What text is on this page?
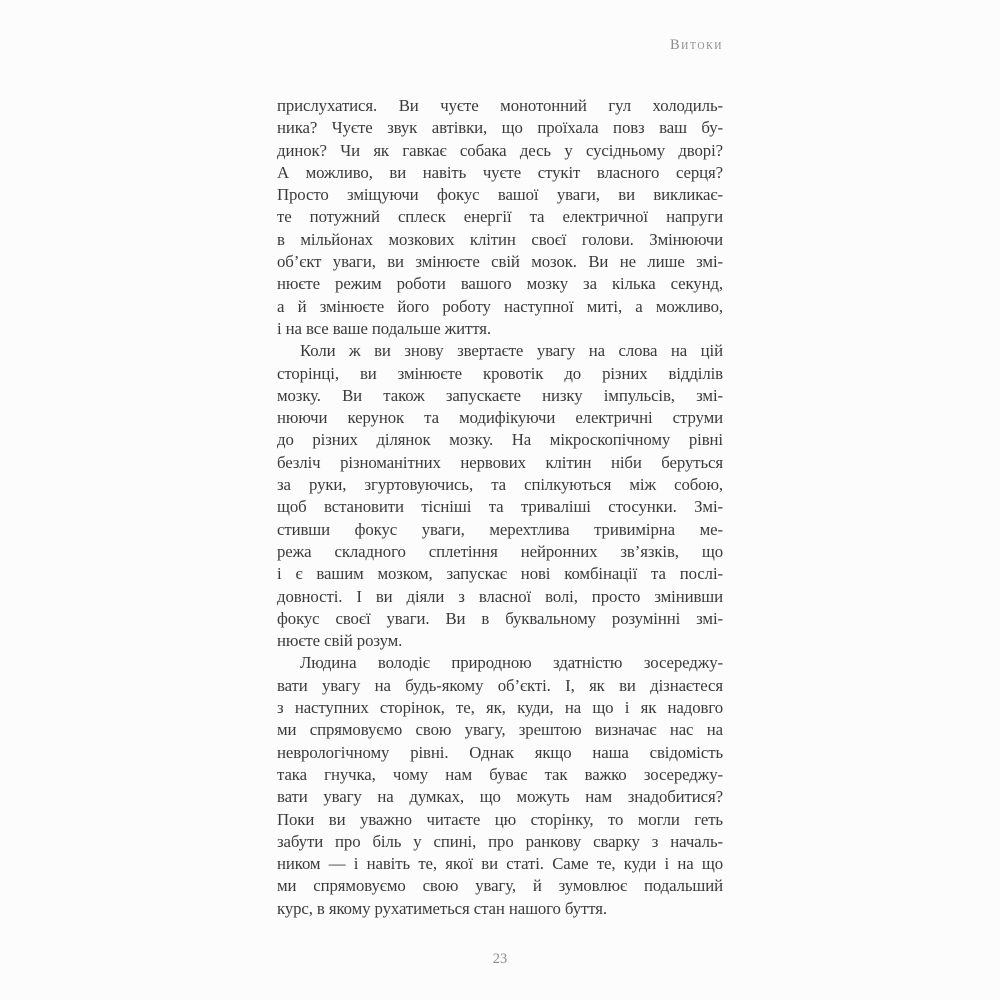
Витоки
прислухатися. Ви чуєте монотонний гул холодиль-
ника? Чуєте звук автівки, що проїхала повз ваш бу-
динок? Чи як гавкає собака десь у сусідньому дворі?
А можливо, ви навіть чуєте стукіт власного серця?
Просто зміщуючи фокус вашої уваги, ви викликає-
те потужний сплеск енергії та електричної напруги
в мільйонах мозкових клітин своєї голови. Змінюючи
об’єкт уваги, ви змінюєте свій мозок. Ви не лише змі-
нюєте режим роботи вашого мозку за кілька секунд,
а й змінюєте його роботу наступної миті, а можливо,
і на все ваше подальше життя.
Коли ж ви знову звертаєте увагу на слова на цій
сторінці, ви змінюєте кровотік до різних відділів
мозку. Ви також запускаєте низку імпульсів, змі-
нюючи керунок та модифікуючи електричні струми
до різних ділянок мозку. На мікроскопічному рівні
безліч різноманітних нервових клітин ніби беруться
за руки, згуртовуючись, та спілкуються між собою,
щоб встановити тісніші та триваліші стосунки. Змі-
стивши фокус уваги, мерехтлива тривимірна ме-
режа складного сплетіння нейронних зв’язків, що
і є вашим мозком, запускає нові комбінації та послі-
довності. І ви діяли з власної волі, просто змінивши
фокус своєї уваги. Ви в буквальному розумінні змі-
нюєте свій розум.
Людина володіє природною здатністю зосереджу-
вати увагу на будь-якому об’єкті. І, як ви дізнаєтеся
з наступних сторінок, те, як, куди, на що і як надовго
ми спрямовуємо свою увагу, зрештою визначає нас на
неврологічному рівні. Однак якщо наша свідомість
така гнучка, чому нам буває так важко зосереджу-
вати увагу на думках, що можуть нам знадобитися?
Поки ви уважно читаєте цю сторінку, то могли геть
забути про біль у спині, про ранкову сварку з началь-
ником — і навіть те, якої ви статі. Саме те, куди і на що
ми спрямовуємо свою увагу, й зумовлює подальший
курс, в якому рухатиметься стан нашого буття.
23
